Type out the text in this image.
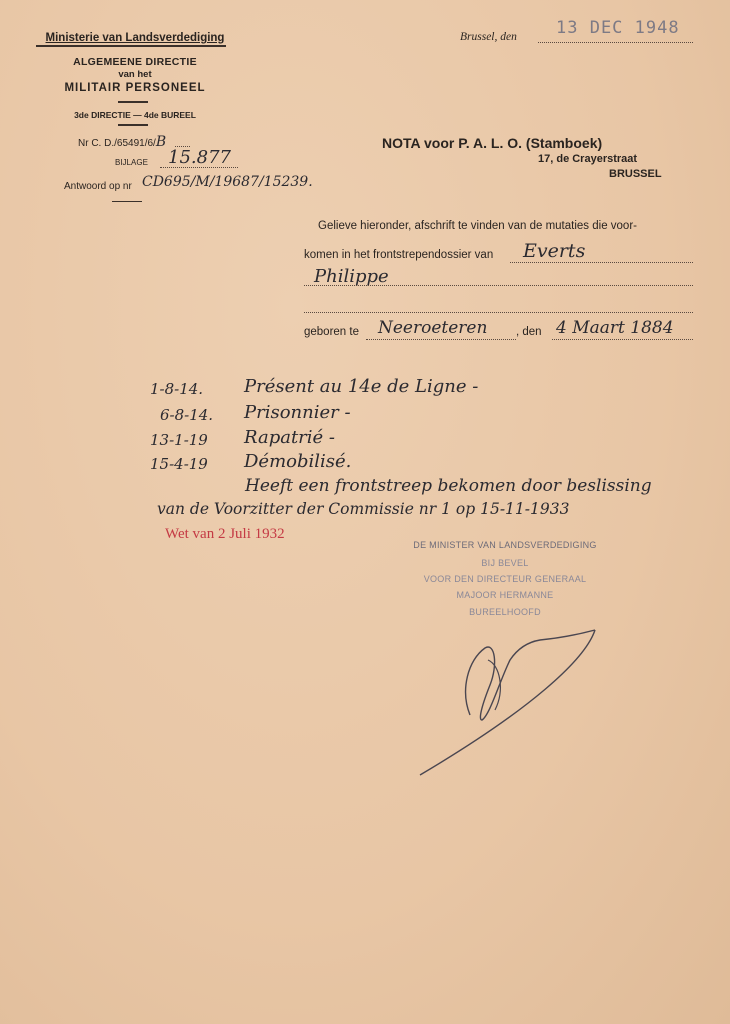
Ministerie van Landsverdediging
ALGEMEENE DIRECTIE
van het
MILITAIR PERSONEEL
3de DIRECTIE — 4de BUREEL
Nr C. D./65491/6/B
BIJLAGE 15.877
Antwoord op nr CD695/M/19687/15239.
Brussel, den 13 DEC 1948
NOTA voor P. A. L. O. (Stamboek)
17, de Crayerstraat
BRUSSEL
Gelieve hieronder, afschrift te vinden van de mutaties die voor-
komen in het frontstrependossier van Everts
Philippe
geboren te Neeroeteren , den 4 Maart 1884
1-8-14. Présent au 14e de Ligne -
6-8-14. Prisonnier -
13-1-19 Rapatrié -
15-4-19 Démobilisé.
Heeft een frontstreep bekomen door beslissing
van de Voorzitter der Commissie nr 1 op 15-11-1933
Wet van 2 Juli 1932
DE MINISTER VAN LANDSVERDEDIGING
BIJ BEVEL
VOOR DEN DIRECTEUR GENERAAL
MAJOOR HERMANNE
BUREELHOOFD
